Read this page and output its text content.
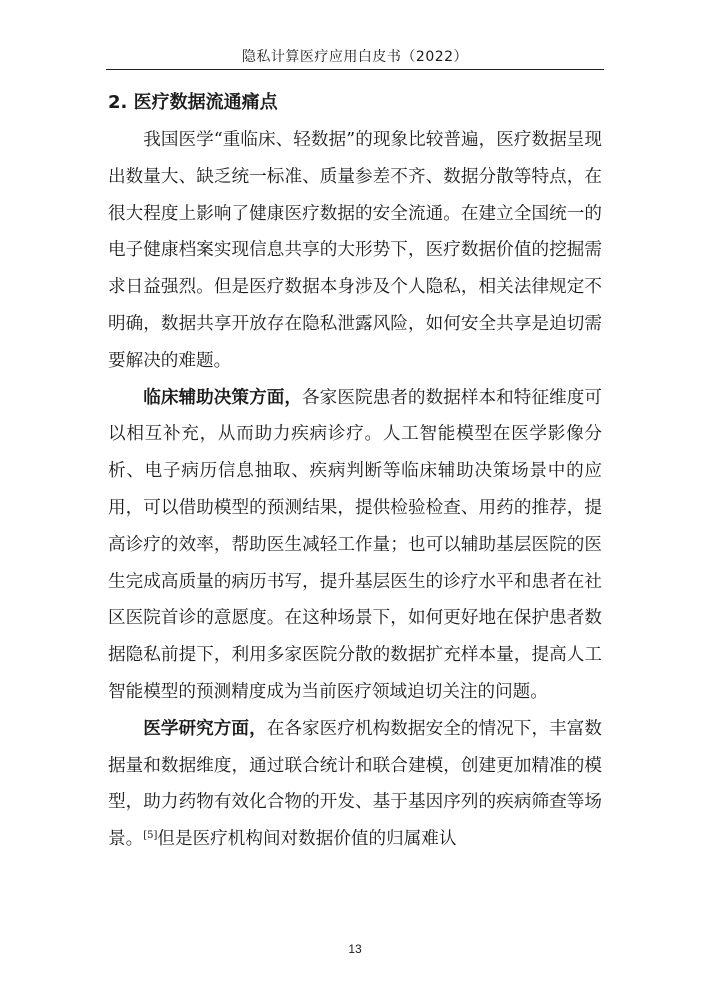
隐私计算医疗应用白皮书（2022）
2. 医疗数据流通痛点

我国医学“重临床、轻数据”的现象比较普遍，医疗数据呈现出数量大、缺乏统一标准、质量参差不齐、数据分散等特点，在很大程度上影响了健康医疗数据的安全流通。在建立全国统一的电子健康档案实现信息共享的大形势下，医疗数据价值的挖掘需求日益强烈。但是医疗数据本身涉及个人隐私，相关法律规定不明确，数据共享开放存在隐私泄露风险，如何安全共享是迫切需要解决的难题。

临床辅助决策方面，各家医院患者的数据样本和特征维度可以相互补充，从而助力疾病诊疗。人工智能模型在医学影像分析、电子病历信息抽取、疾病判断等临床辅助决策场景中的应用，可以借助模型的预测结果，提供检验检查、用药的推荐，提高诊疗的效率，帮助医生减轻工作量；也可以辅助基层医院的医生完成高质量的病历书写，提升基层医生的诊疗水平和患者在社区医院首诊的意愿度。在这种场景下，如何更好地在保护患者数据隐私前提下，利用多家医院分散的数据扩充样本量，提高人工智能模型的预测精度成为当前医疗领域迫切关注的问题。

医学研究方面，在各家医疗机构数据安全的情况下，丰富数据量和数据维度，通过联合统计和联合建模，创建更加精准的模型，助力药物有效化合物的开发、基于基因序列的疾病筛查等场景。[5]但是医疗机构间对数据价值的归属难认

13
